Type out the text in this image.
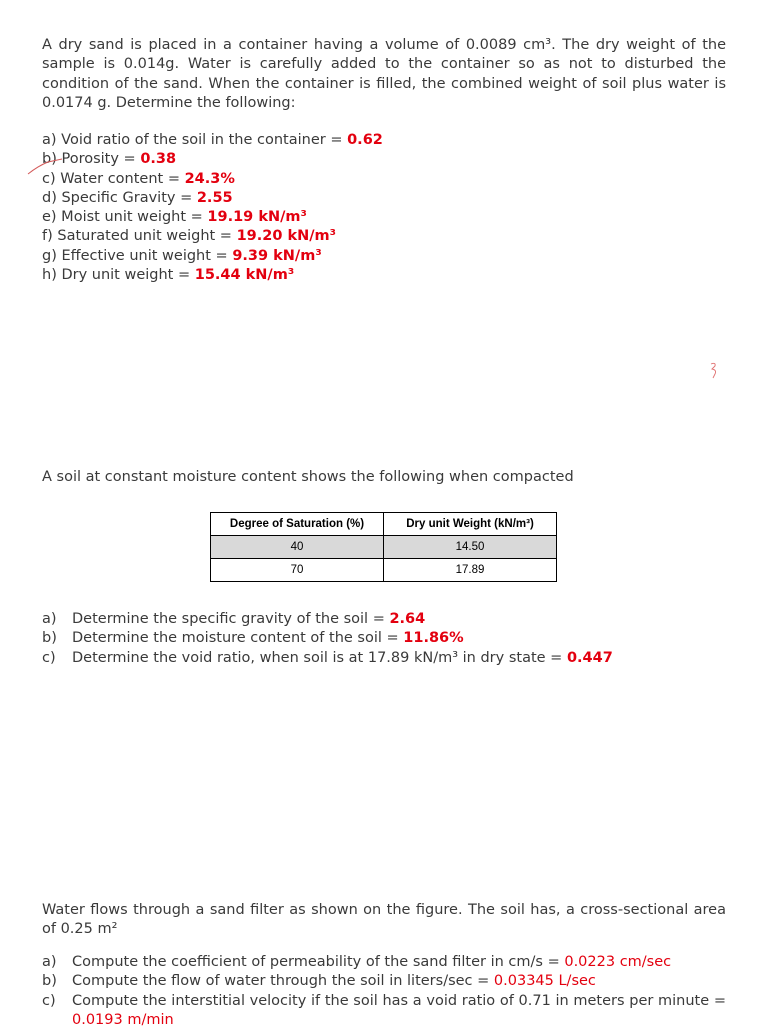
A dry sand is placed in a container having a volume of 0.0089 cm³. The dry weight of the sample is 0.014g. Water is carefully added to the container so as not to disturbed the condition of the sand. When the container is filled, the combined weight of soil plus water is 0.0174 g. Determine the following:

a) Void ratio of the soil in the container = 0.62
b) Porosity = 0.38
c) Water content = 24.3%
d) Specific Gravity = 2.55
e) Moist unit weight = 19.19 kN/m³
f) Saturated unit weight = 19.20 kN/m³
g) Effective unit weight = 9.39 kN/m³
h) Dry unit weight = 15.44 kN/m³

A soil at constant moisture content shows the following when compacted

Degree of Saturation (%)	Dry unit Weight (kN/m³)
40	14.50
70	17.89
a)	Determine the specific gravity of the soil = 2.64
b)	Determine the moisture content of the soil = 11.86%
c)	Determine the void ratio, when soil is at 17.89 kN/m³ in dry state = 0.447

Water flows through a sand filter as shown on the figure. The soil has, a cross-sectional area of 0.25 m²

a)	Compute the coefficient of permeability of the sand filter in cm/s = 0.0223 cm/sec
b)	Compute the flow of water through the soil in liters/sec = 0.03345 L/sec
c)	Compute the interstitial velocity if the soil has a void ratio of 0.71 in meters per minute = 0.0193 m/min
